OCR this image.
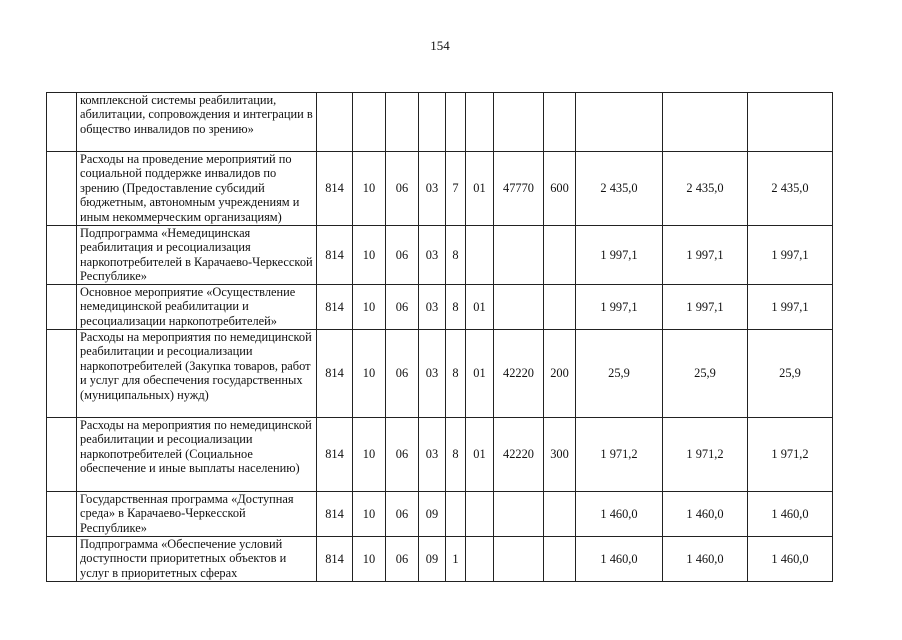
154
	комплексной системы реабилитации, абилитации, сопровождения и интеграции в общество инвалидов по зрению»											
	Расходы на проведение мероприятий по социальной поддержке инвалидов по зрению (Предоставление субсидий бюджетным, автономным учреждениям и иным некоммерческим организациям)	814	10	06	03	7	01	47770	600	2 435,0	2 435,0	2 435,0
	Подпрограмма «Немедицинская реабилитация и ресоциализация наркопотребителей в Карачаево-Черкесской Республике»	814	10	06	03	8				1 997,1	1 997,1	1 997,1
	Основное мероприятие «Осуществление немедицинской реабилитации и ресоциализации наркопотребителей»	814	10	06	03	8	01			1 997,1	1 997,1	1 997,1
	Расходы на мероприятия по немедицинской реабилитации и ресоциализации наркопотребителей (Закупка товаров, работ и услуг для обеспечения государственных (муниципальных) нужд)	814	10	06	03	8	01	42220	200	25,9	25,9	25,9
	Расходы на мероприятия по немедицинской реабилитации и ресоциализации наркопотребителей (Социальное обеспечение и иные выплаты населению)	814	10	06	03	8	01	42220	300	1 971,2	1 971,2	1 971,2
	Государственная программа «Доступная среда» в Карачаево-Черкесской Республике»	814	10	06	09					1 460,0	1 460,0	1 460,0
	Подпрограмма «Обеспечение условий доступности приоритетных объектов и услуг в приоритетных сферах	814	10	06	09	1				1 460,0	1 460,0	1 460,0
